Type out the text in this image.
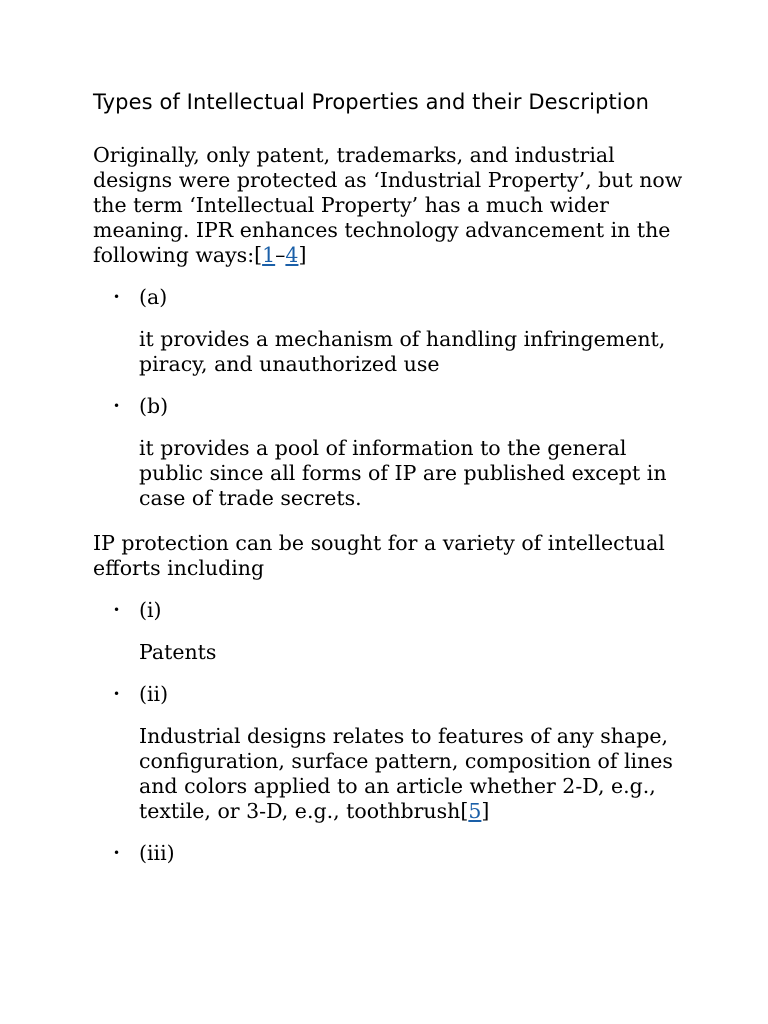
Types of Intellectual Properties and their Description

Originally, only patent, trademarks, and industrial designs were protected as ‘Industrial Property’, but now the term ‘Intellectual Property’ has a much wider meaning. IPR enhances technology advancement in the following ways:[1–4]

• (a)
it provides a mechanism of handling infringement, piracy, and unauthorized use
• (b)
it provides a pool of information to the general public since all forms of IP are published except in case of trade secrets.

IP protection can be sought for a variety of intellectual efforts including

• (i)
Patents
• (ii)
Industrial designs relates to features of any shape, configuration, surface pattern, composition of lines and colors applied to an article whether 2-D, e.g., textile, or 3-D, e.g., toothbrush[5]
• (iii)
